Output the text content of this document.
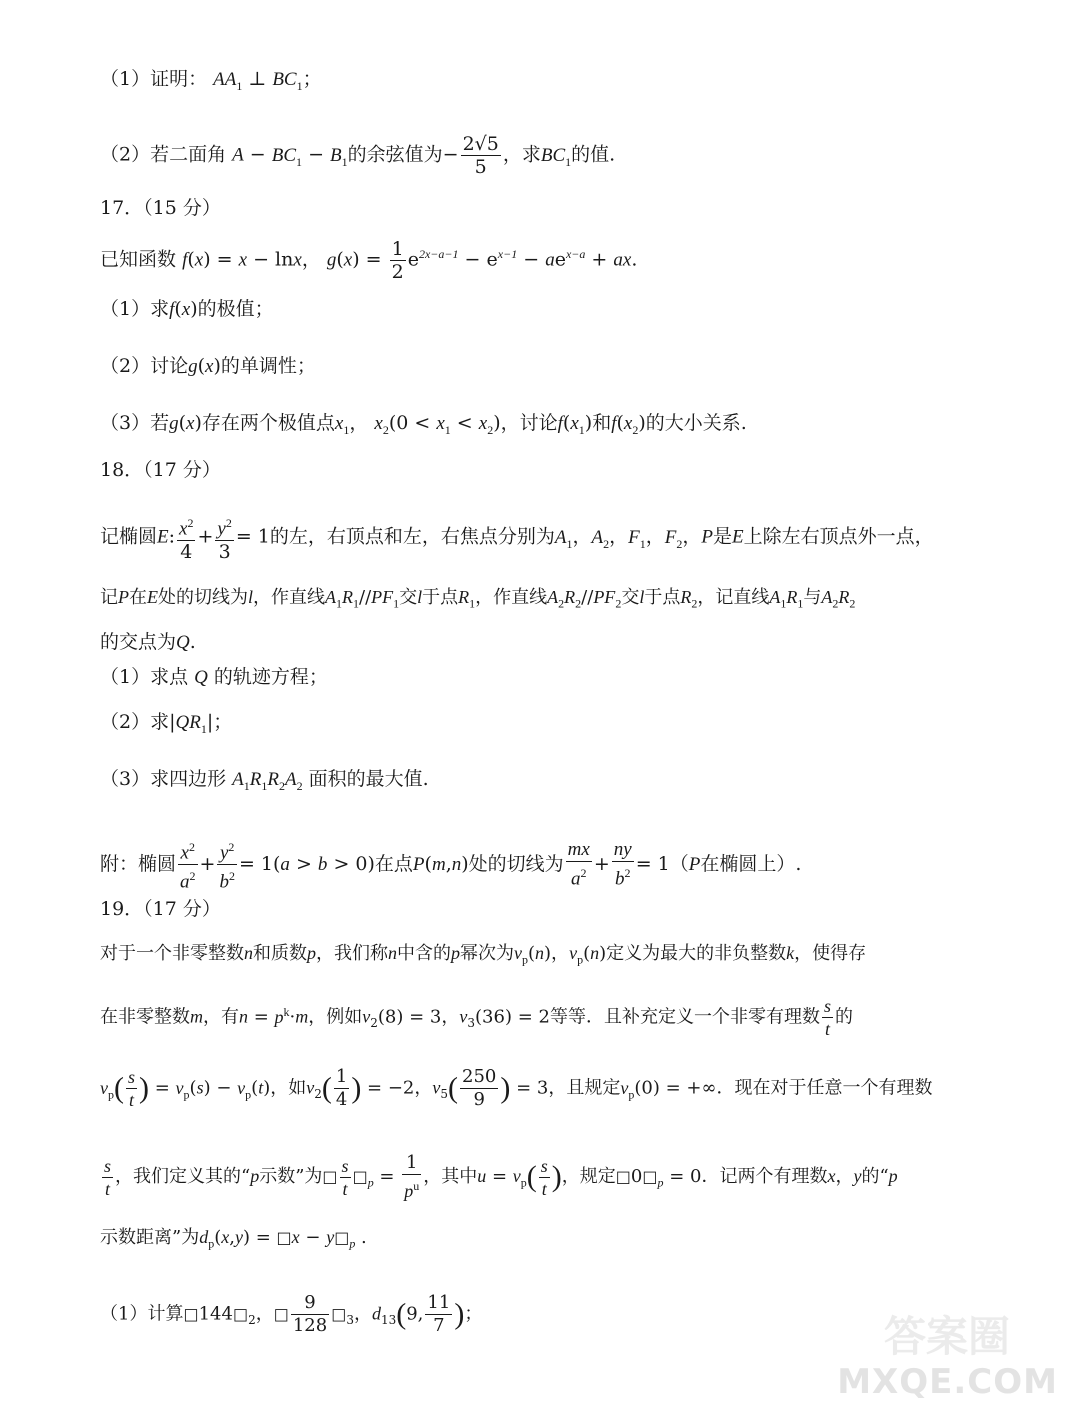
（1）证明： $AA_1$ ⊥ $BC_1$；
（2）若二面角 $A - BC_1 - B_1$的余弦值为− $\frac{2√5}{5}$ ，求$BC_1$的值.
17．（15 分）
已知函数 f(x) = x − lnx， $g(x) = \frac{1}{2} e^{2x-a-1} - e^{x-1} - ae^{x-a}$ + ax.
（1）求f(x)的极值；
（2）讨论g(x)的单调性；
（3）若g(x)存在两个极值点$x_1$， $x_2(0 < x_1 < x_2)$，讨论$f(x_1)$和$f(x_2)$的大小关系.
18．（17 分）
记椭圆E: $\frac{x^2}{4} + \frac{y^2}{3} = 1$的左，右顶点和左，右焦点分别为$A_1$，$A_2$，$F_1$，$F_2$，P是E上除左右顶点外一点，
记P在E处的切线为l，作直线$A_1R_1//PF_1$交l于点$R_1$，作直线$A_2R_2//PF_2$交l于点$R_2$，记直线$A_1R_1$与$A_2R_2$
的交点为Q.
（1）求点 Q 的轨迹方程；
（2）求$|QR_1|$；
（3）求四边形 $A_1R_1R_2A_2$ 面积的最大值.
附：椭圆 $\frac{x^2}{a^2} + \frac{y^2}{b^2} = 1(a > b > 0)$在点P(m,n)处的切线为 $\frac{mx}{a^2} + \frac{ny}{b^2} = 1(P$在椭圆上）.
19．（17 分）
对于一个非零整数n和质数p，我们称n中含的p幂次为$v_p(n)$，$v_p(n)$定义为最大的非负整数k，使得存
在非零整数m，有$n = p^k\cdot m$，例如$v_2(8) = 3$，$v_3(36) = 2$等等．且补充定义一个非零有理数 $\frac{s}{t}$ 的
$v_p( \frac{s}{t}$ ) = $v_p(s) - v_p(t)$，如$v_2( \frac{1}{4}$ ) = −2，$v_5( \frac{250}{9}$ ) = 3，且规定$v_p(0)$ = +∞．现在对于任意一个有理数
$\frac{s}{t}$ ，我们定义其的“p示数”为□ $\frac{s}{t}$ $□_p = \frac{1}{p^u}$ ，其中$u = v_p( \frac{s}{t}$ )，规定$□0□_p = 0$．记两个有理数x，y的“p
示数距离”为$d_p(x,y)$ = □x − $y□_p$ .
（1）计算$□144□_2$，□ $\frac{9}{128}$ $□_3$，$d_{13}(9$, $\frac{11}{7}$ )；	答案圈
MXQE.COM
